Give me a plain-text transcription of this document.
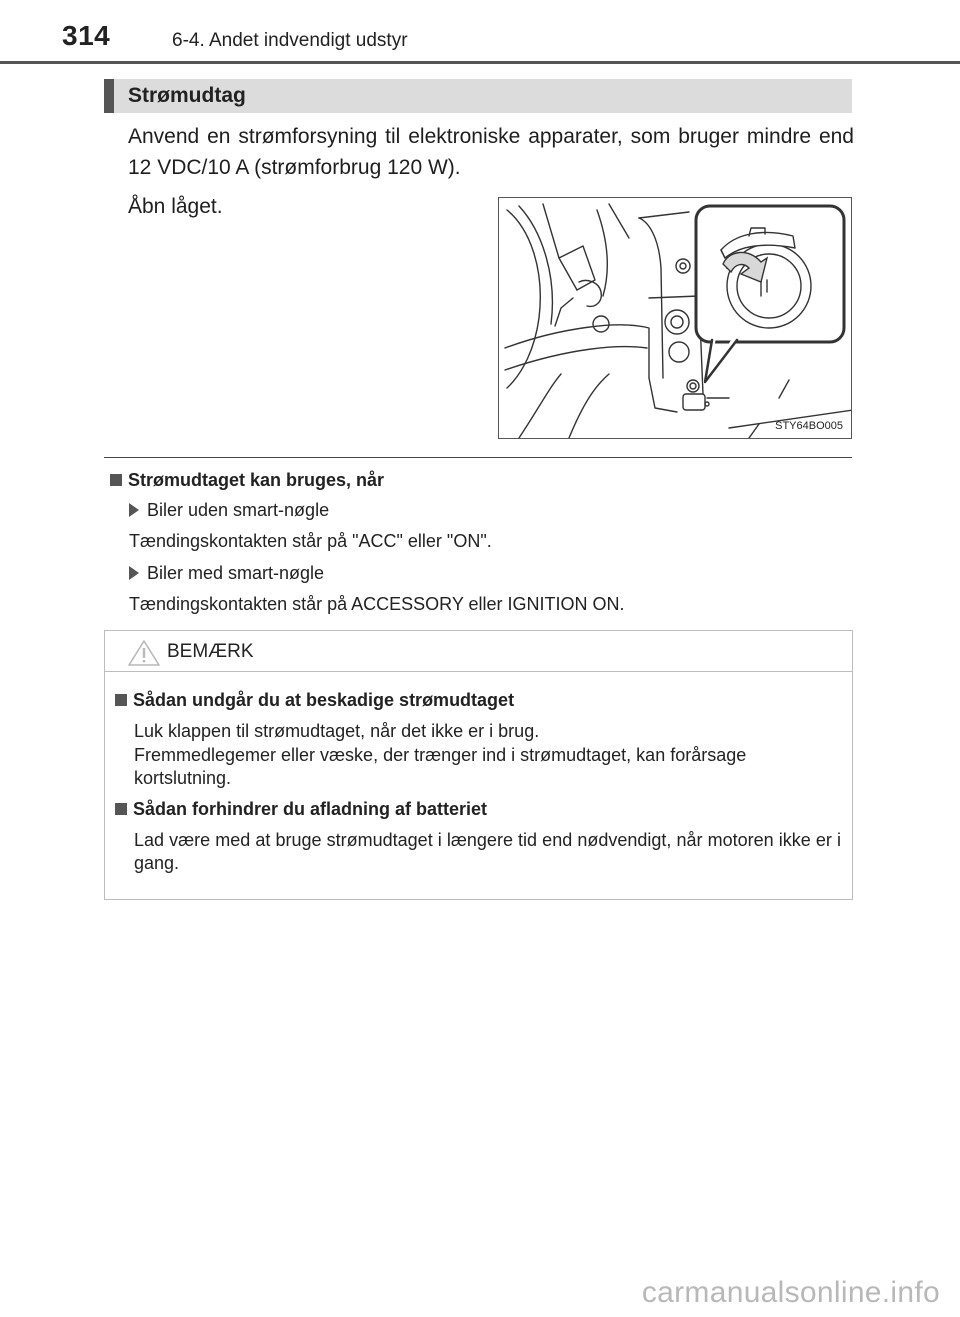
314	6-4. Andet indvendigt udstyr
Strømudtag
Anvend en strømforsyning til elektroniske apparater, som bruger mindre end 12 VDC/10 A (strømforbrug 120 W).
Åbn låget.
STY64BO005
Strømudtaget kan bruges, når
Biler uden smart-nøgle
Tændingskontakten står på "ACC" eller "ON".
Biler med smart-nøgle
Tændingskontakten står på ACCESSORY eller IGNITION ON.
BEMÆRK
Sådan undgår du at beskadige strømudtaget
Luk klappen til strømudtaget, når det ikke er i brug.
Fremmedlegemer eller væske, der trænger ind i strømudtaget, kan forårsage kortslutning.
Sådan forhindrer du afladning af batteriet
Lad være med at bruge strømudtaget i længere tid end nødvendigt, når motoren ikke er i gang.
carmanualsonline.info
